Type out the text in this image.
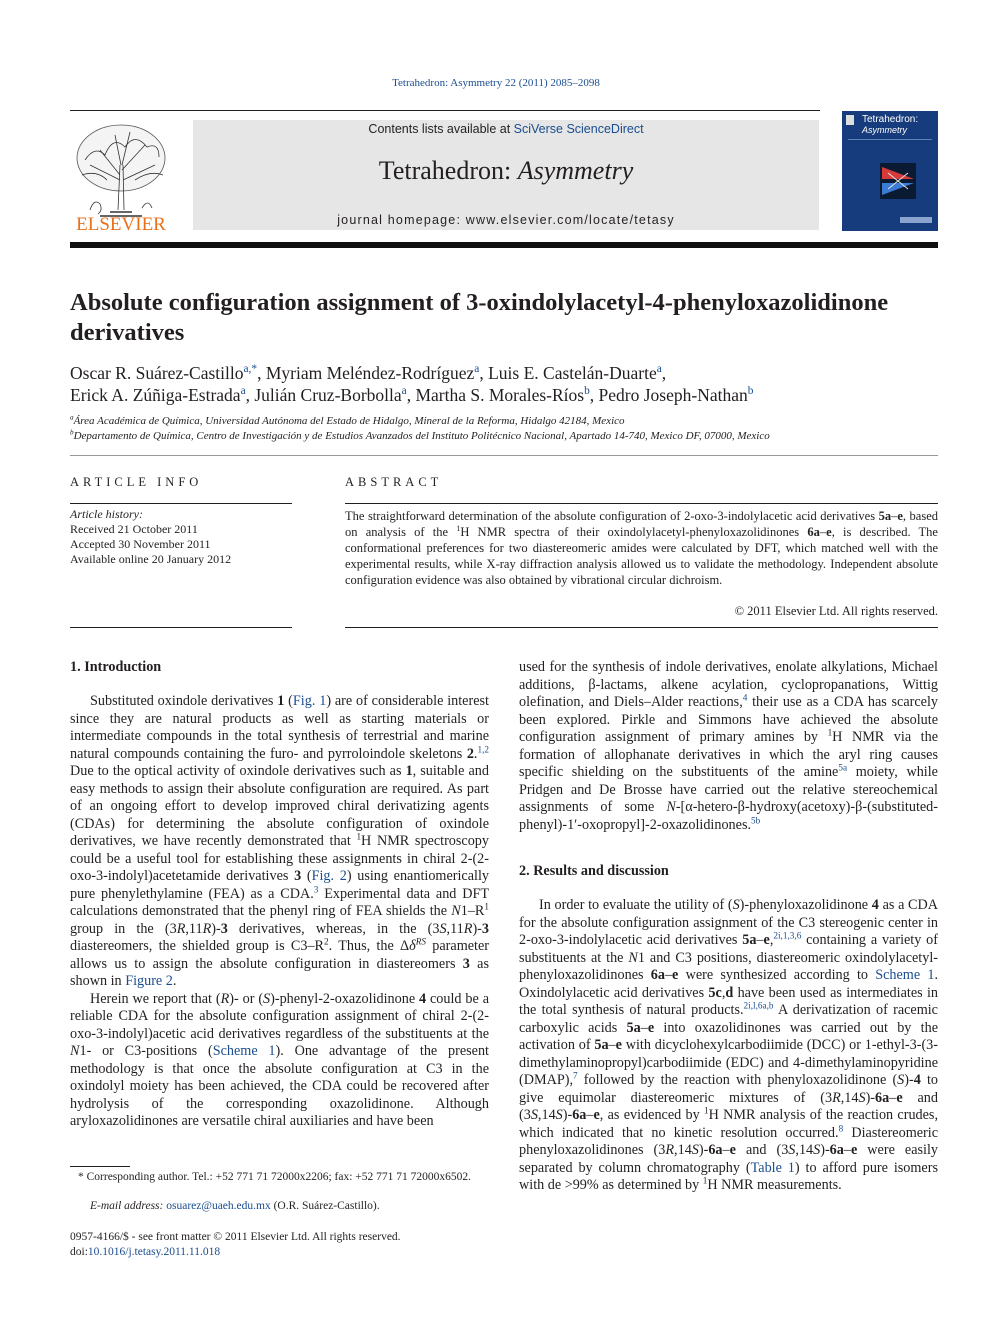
Tetrahedron: Asymmetry 22 (2011) 2085–2098
ELSEVIER
Contents lists available at SciVerse ScienceDirect
Tetrahedron: Asymmetry
journal homepage: www.elsevier.com/locate/tetasy
Tetrahedron:
Asymmetry
Absolute configuration assignment of 3-oxindolylacetyl-4-phenyloxazolidinone derivatives
Oscar R. Suárez-Castillo$^{a,*}$, Myriam Meléndez-Rodríguez$^a$, Luis E. Castelán-Duarte$^a$,
Erick A. Zúñiga-Estrada$^a$, Julián Cruz-Borbolla$^a$, Martha S. Morales-Ríos$^b$, Pedro Joseph-Nathan$^b$
$^a$Área Académica de Química, Universidad Autónoma del Estado de Hidalgo, Mineral de la Reforma, Hidalgo 42184, Mexico
$^b$Departamento de Química, Centro de Investigación y de Estudios Avanzados del Instituto Politécnico Nacional, Apartado 14-740, Mexico DF, 07000, Mexico
ARTICLE INFO
Article history:
Received 21 October 2011
Accepted 30 November 2011
Available online 20 January 2012
ABSTRACT
The straightforward determination of the absolute configuration of 2-oxo-3-indolylacetic acid derivatives 5a–e, based on analysis of the $^1$H NMR spectra of their oxindolylacetyl-phenyloxazolidinones 6a–e, is described. The conformational preferences for two diastereomeric amides were calculated by DFT, which matched well with the experimental results, while X-ray diffraction analysis allowed us to validate the methodology. Independent absolute configuration evidence was also obtained by vibrational circular dichroism.
© 2011 Elsevier Ltd. All rights reserved.
1. Introduction

Substituted oxindole derivatives 1 (Fig. 1) are of considerable interest since they are natural products as well as starting materials or intermediate compounds in the total synthesis of terrestrial and marine natural compounds containing the furo- and pyrroloindole skeletons 2.$^{1,2}$ Due to the optical activity of oxindole derivatives such as 1, suitable and easy methods to assign their absolute configuration are required. As part of an ongoing effort to develop improved chiral derivatizing agents (CDAs) for determining the absolute configuration of oxindole derivatives, we have recently demonstrated that $^1$H NMR spectroscopy could be a useful tool for establishing these assignments in chiral 2-(2-oxo-3-indolyl)acetetamide derivatives 3 (Fig. 2) using enantiomerically pure phenylethylamine (FEA) as a CDA.$^3$ Experimental data and DFT calculations demonstrated that the phenyl ring of FEA shields the $N1-R^1$ group in the (3R,11R)-3 derivatives, whereas, in the (3S,11R)-3 diastereomers, the shielded group is $C3-R^2$. Thus, the $\Delta\delta^{RS}$ parameter allows us to assign the absolute configuration in diastereomers 3 as shown in Figure 2.

Herein we report that (R)- or (S)-phenyl-2-oxazolidinone 4 could be a reliable CDA for the absolute configuration assignment of chiral 2-(2-oxo-3-indolyl)acetic acid derivatives regardless of the substituents at the N1- or C3-positions (Scheme 1). One advantage of the present methodology is that once the absolute configuration at C3 in the oxindolyl moiety has been achieved, the CDA could be recovered after hydrolysis of the corresponding oxazolidinone. Although aryloxazolidinones are versatile chiral auxiliaries and have been

* Corresponding author. Tel.: +52 771 71 72000x2206; fax: +52 771 71 72000x6502.
E-mail address: osuarez@uaeh.edu.mx (O.R. Suárez-Castillo).
0957-4166/$ - see front matter © 2011 Elsevier Ltd. All rights reserved.
doi:10.1016/j.tetasy.2011.11.018
used for the synthesis of indole derivatives, enolate alkylations, Michael additions, β-lactams, alkene acylation, cyclopropanations, Wittig olefination, and Diels–Alder reactions,$^4$ their use as a CDA has scarcely been explored. Pirkle and Simmons have achieved the absolute configuration assignment of primary amines by $^1$H NMR via the formation of allophanate derivatives in which the aryl ring causes specific shielding on the substituents of the amine$^{5a}$ moiety, while Pridgen and De Brosse have carried out the relative stereochemical assignments of some N-[α-hetero-β-hydroxy(acetoxy)-β-(substituted-phenyl)-1′-oxopropyl]-2-oxazolidinones.$^{5b}$
2. Results and discussion

In order to evaluate the utility of (S)-phenyloxazolidinone 4 as a CDA for the absolute configuration assignment of the C3 stereogenic center in 2-oxo-3-indolylacetic acid derivatives 5a–e,$^{2i,1,3,6}$ containing a variety of substituents at the N1 and C3 positions, diastereomeric oxindolylacetyl-phenyloxazolidinones 6a–e were synthesized according to Scheme 1. Oxindolylacetic acid derivatives 5c,d have been used as intermediates in the total synthesis of natural products.$^{2i,l,6a,b}$ A derivatization of racemic carboxylic acids 5a–e into oxazolidinones was carried out by the activation of 5a–e with dicyclohexylcarbodiimide (DCC) or 1-ethyl-3-(3-dimethylaminopropyl)carbodiimide (EDC) and 4-dimethylaminopyridine (DMAP),$^7$ followed by the reaction with phenyloxazolidinone (S)-4 to give equimolar diastereomeric mixtures of (3R,14S)-6a–e and (3S,14S)-6a–e, as evidenced by $^1$H NMR analysis of the reaction crudes, which indicated that no kinetic resolution occurred.$^8$ Diastereomeric phenyloxazolidinones (3R,14S)-6a–e and (3S,14S)-6a–e were easily separated by column chromatography (Table 1) to afford pure isomers with de >99% as determined by $^1$H NMR measurements.
